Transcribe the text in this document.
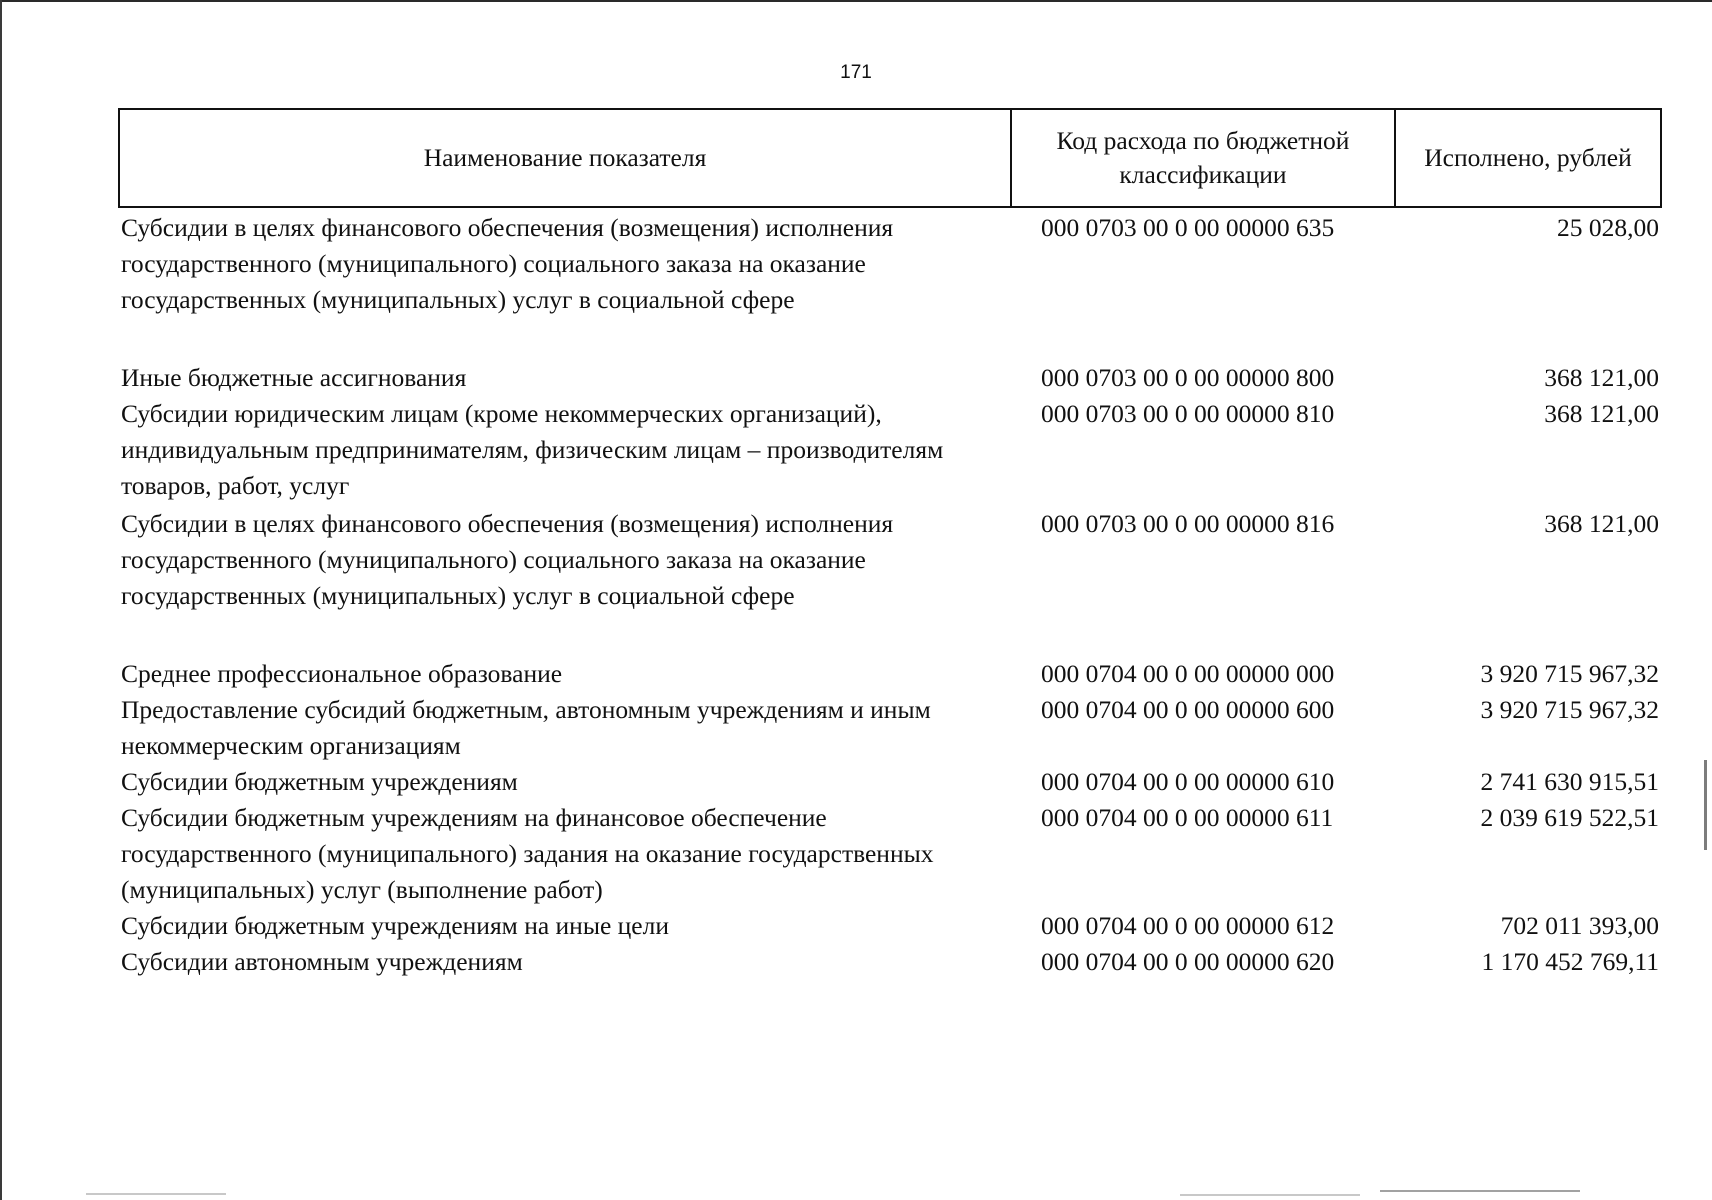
171
Наименование показателя	Код расхода по бюджетной классификации	Исполнено, рублей
Субсидии в целях финансового обеспечения (возмещения) исполнения государственного (муниципального) социального заказа на оказание государственных (муниципальных) услуг в социальной сфере	000 0703 00 0 00 00000 635	25 028,00
Иные бюджетные ассигнования	000 0703 00 0 00 00000 800	368 121,00
Субсидии юридическим лицам (кроме некоммерческих организаций), индивидуальным предпринимателям, физическим лицам – производителям товаров, работ, услуг	000 0703 00 0 00 00000 810	368 121,00
Субсидии в целях финансового обеспечения (возмещения) исполнения государственного (муниципального) социального заказа на оказание государственных (муниципальных) услуг в социальной сфере	000 0703 00 0 00 00000 816	368 121,00
Среднее профессиональное образование	000 0704 00 0 00 00000 000	3 920 715 967,32
Предоставление субсидий бюджетным, автономным учреждениям и иным некоммерческим организациям	000 0704 00 0 00 00000 600	3 920 715 967,32
Субсидии бюджетным учреждениям	000 0704 00 0 00 00000 610	2 741 630 915,51
Субсидии бюджетным учреждениям на финансовое обеспечение государственного (муниципального) задания на оказание государственных (муниципальных) услуг (выполнение работ)	000 0704 00 0 00 00000 611	2 039 619 522,51
Субсидии бюджетным учреждениям на иные цели	000 0704 00 0 00 00000 612	702 011 393,00
Субсидии автономным учреждениям	000 0704 00 0 00 00000 620	1 170 452 769,11
